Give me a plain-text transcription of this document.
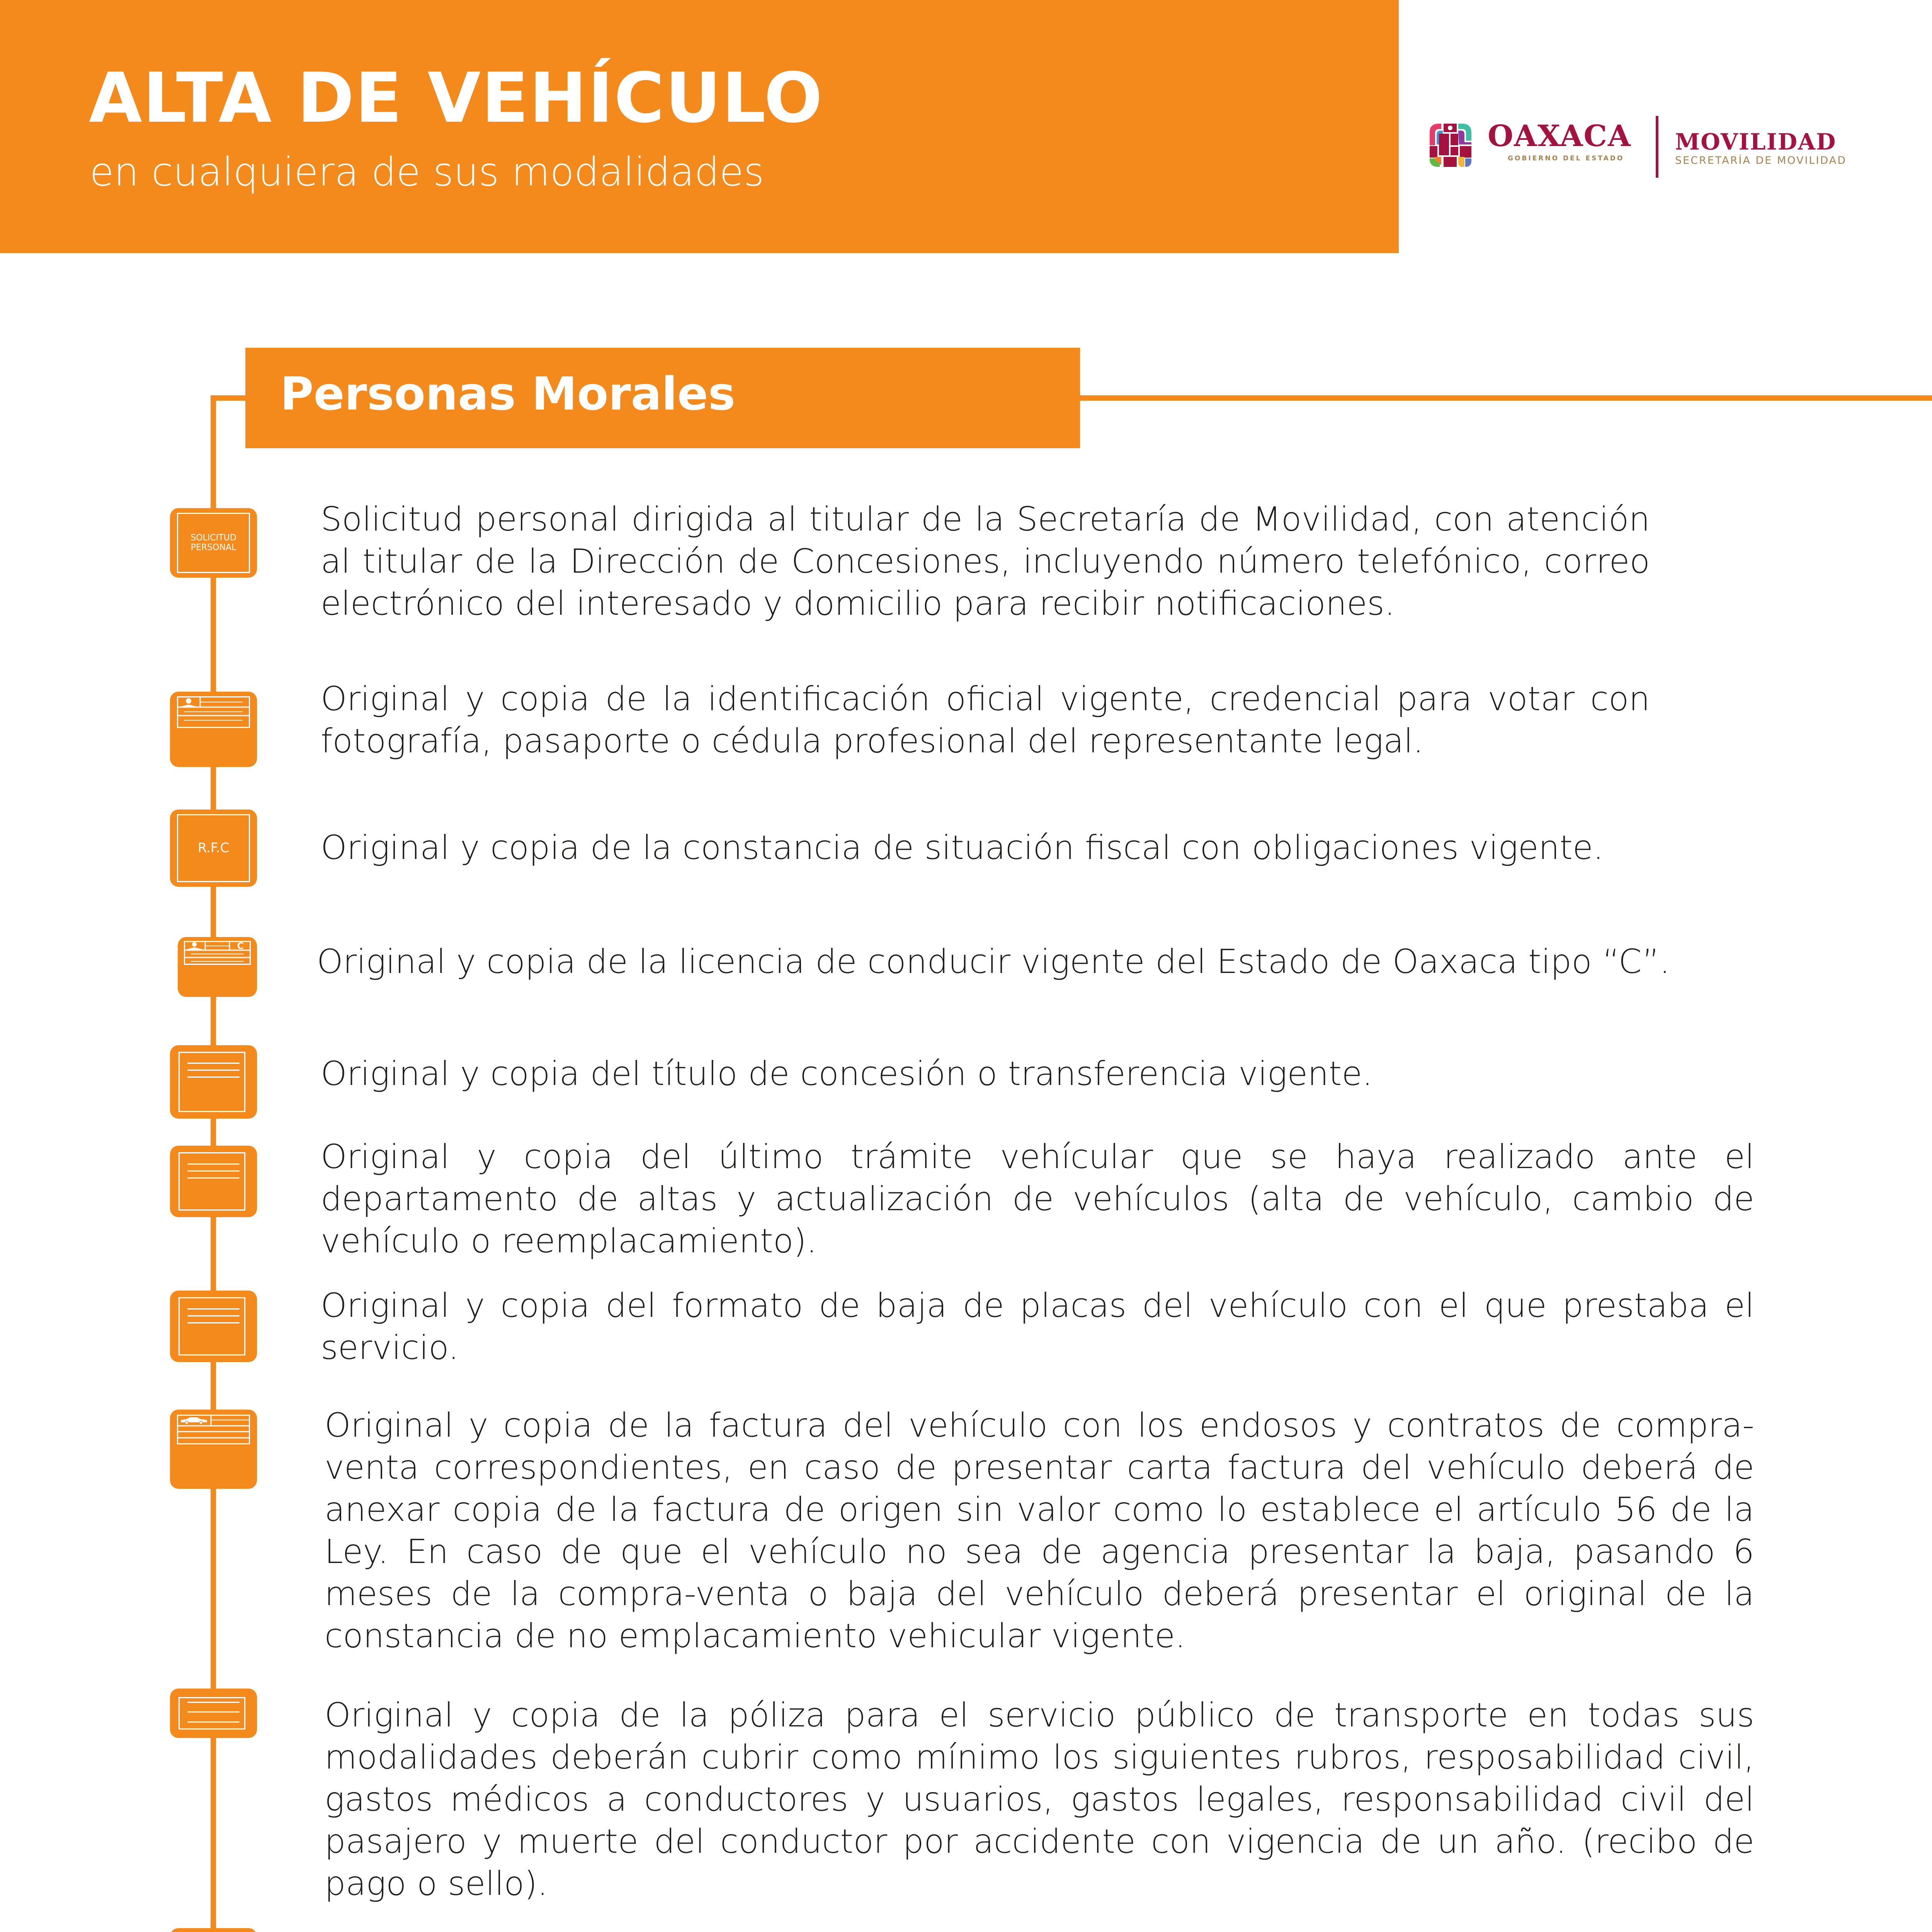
ALTA DE VEHÍCULO
en cualquiera de sus modalidades
OAXACA
GOBIERNO DEL ESTADO
MOVILIDAD
SECRETARÍA DE MOVILIDAD
Personas Morales
SOLICITUD
PERSONAL
Solicitud personal dirigida al titular de la Secretaría de Movilidad, con atención al titular de la Dirección de Concesiones, incluyendo número telefónico, correo electrónico del interesado y domicilio para recibir notificaciones.
Original y copia de la identificación oficial vigente, credencial para votar con fotografía, pasaporte o cédula profesional del representante legal.
R.F.C	Original y copia de la constancia de situación fiscal con obligaciones vigente.
C Original y copia de la licencia de conducir vigente del Estado de Oaxaca tipo “C”.
Original y copia del título de concesión o transferencia vigente.
Original y copia del último trámite vehícular que se haya realizado ante el departamento de altas y actualización de vehículos (alta de vehículo, cambio de vehículo o reemplacamiento).
Original y copia del formato de baja de placas del vehículo con el que prestaba el servicio.
Original y copia de la factura del vehículo con los endosos y contratos de compra-venta correspondientes, en caso de presentar carta factura del vehículo deberá de anexar copia de la factura de origen sin valor como lo establece el artículo 56 de la Ley. En caso de que el vehículo no sea de agencia presentar la baja, pasando 6 meses de la compra-venta o baja del vehículo deberá presentar el original de la constancia de no emplacamiento vehicular vigente.
Original y copia de la póliza para el servicio público de transporte en todas sus modalidades deberán cubrir como mínimo los siguientes rubros, resposabilidad civil, gastos médicos a conductores y usuarios, gastos legales, responsabilidad civil del pasajero y muerte del conductor por accidente con vigencia de un año. (recibo de pago o sello).
